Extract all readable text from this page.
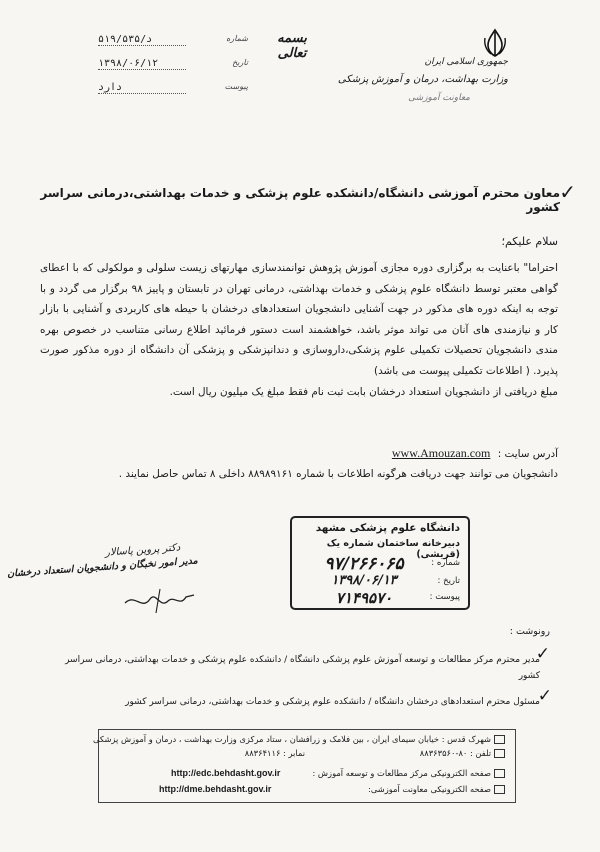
جمهوری اسلامی ایران
وزارت بهداشت، درمان و آموزش پزشکی
معاونت آموزشی
بسمه تعالی
د/۵۱۹/۵۳۵	شماره
۱۳۹۸/۰۶/۱۲	تاریخ
دارد	پیوست
✓
معاون محترم آموزشی دانشگاه/دانشکده علوم پزشکی و خدمات بهداشتی،درمانی سراسر کشور
سلام علیکم؛

احتراما" باعنایت به برگزاری دوره مجازی آموزش پژوهش توانمندسازی مهارتهای زیست سلولی و مولکولی که با اعطای گواهی معتبر توسط دانشگاه علوم پزشکی و خدمات بهداشتی، درمانی تهران در تابستان و پاییز ۹۸ برگزار می گردد و با توجه به اینکه دوره های مذکور در جهت آشنایی دانشجویان استعدادهای درخشان با حیطه های کاربردی و آشنایی با بازار کار و نیازمندی های آنان می تواند موثر باشد، خواهشمند است دستور فرمائید اطلاع رسانی متناسب در خصوص بهره مندی دانشجویان تحصیلات تکمیلی علوم پزشکی،داروسازی و دندانپزشکی و پزشکی آن دانشگاه از دوره مذکور صورت پذیرد. ( اطلاعات تکمیلی پیوست می باشد)

مبلغ دریافتی از دانشجویان استعداد درخشان بابت ثبت نام فقط مبلغ یک میلیون ریال است.

آدرس سایت : www.Amouzan.com
دانشجویان می توانند جهت دریافت هرگونه اطلاعات با شماره ۸۸۹۸۹۱۶۱ داخلی ۸ تماس حاصل نمایند .
دانشگاه علوم پزشکی مشهد
دبیرخانه ساختمان شماره یک (قریشی)
شماره :
۹۷/۲۶۶۰۶۵
تاریخ :
۱۳۹۸/۰۶/۱۳
پیوست :
۷۱۴۹۵۷۰
دکتر پروین پاسالار
مدیر امور نخبگان و دانشجویان استعداد درخشان
رونوشت :
✓
مدیر محترم مرکز مطالعات و توسعه آموزش علوم پزشکی دانشگاه / دانشکده علوم پزشکی و خدمات بهداشتی، درمانی سراسر کشور
✓
مسئول محترم استعدادهای درخشان دانشگاه / دانشکده علوم پزشکی و خدمات بهداشتی، درمانی سراسر کشور
شهرک قدس : خیابان سیمای ایران ، بین فلامک و زرافشان ، ستاد مرکزی وزارت بهداشت ، درمان و آموزش پزشکی
تلفن : ۸۰-۸۸۳۶۳۵۶۰
نمابر : ۸۸۳۶۴۱۱۶
صفحه الکترونیکی مرکز مطالعات و توسعه آموزش :
http://edc.behdasht.gov.ir
صفحه الکترونیکی معاونت آموزشی:
http://dme.behdasht.gov.ir
